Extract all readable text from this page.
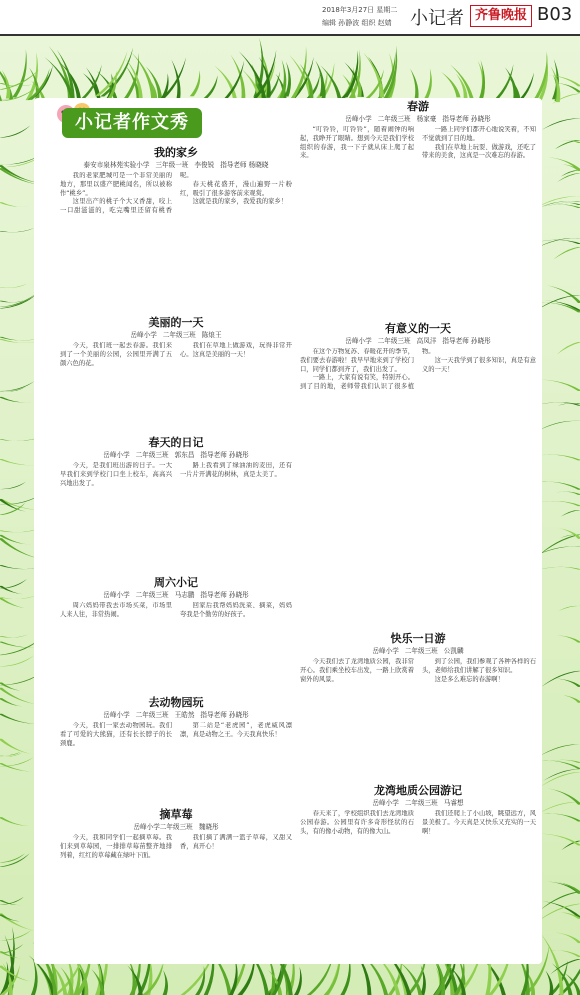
2018年3月27日 星期二
编辑 孙静波 组织 赵婧 小记者 齐鲁晚报 B03
小记者作文秀
我的家乡
泰安市泉林苑实验小学 三年级一班 李俊锐 指导老师 杨晓晓

我的老家肥城可是一个非常美丽的地方，那里以盛产肥桃闻名，所以被称作“桃乡”。

这里出产的桃子个大又香甜，咬上一口甜滋滋的，吃完嘴里还留有桃香呢。

春天桃花盛开，漫山遍野一片粉红，吸引了很多游客前来观赏。

这就是我的家乡，我爱我的家乡！

美丽的一天
岳峰小学 二年级三班 陈烺王

今天，我们班一起去春游。我们来到了一个美丽的公园，公园里开满了五颜六色的花。

我们在草地上做游戏，玩得非常开心。这真是美丽的一天！

春天的日记
岳峰小学 二年级三班 郭东昌 指导老师 孙晓彤

今天，是我们班出游的日子。一大早我们来到学校门口坐上校车，高高兴兴地出发了。

路上我看到了绿油油的麦田，还有一片片开满花的树林，真是太美了。

周六小记
岳峰小学 二年级三班 马志鹏 指导老师 孙晓彤

周六妈妈带我去市场买菜，市场里人来人往，非常热闹。

回家后我帮妈妈洗菜、摘菜，妈妈夸我是个勤劳的好孩子。

去动物园玩
岳峰小学 二年级三班 王皓然 指导老师 孙晓彤

今天，我们一家去动物园玩。我们看了可爱的大熊猫，还有长长脖子的长颈鹿。

第二站是“老虎园”，老虎威风凛凛，真是动物之王。今天我真快乐！

摘草莓
岳峰小学二年级三班 魏晓彤

今天，我和同学们一起摘草莓。我们来到草莓园，一排排草莓苗整齐地排列着，红红的草莓藏在绿叶下面。

我们摘了满满一篮子草莓，又甜又香，真开心！

春游
岳峰小学 二年级三班 杨家豪 指导老师 孙晓彤

“叮铃铃，叮铃铃”，随着闹钟的响起，我睁开了眼睛。想到今天是我们学校组织的春游，我一下子就从床上爬了起来。

一路上同学们都开心地说笑着，不知不觉就到了目的地。

我们在草地上玩耍、做游戏，还吃了带来的美食，这真是一次难忘的春游。

有意义的一天
岳峰小学 二年级三班 高凤洋 指导老师 孙晓彤

在这个万物复苏、春暖花开的季节，我们要去春游啦！我早早地来到了学校门口，同学们都到齐了，我们出发了。

一路上，大家有说有笑，特别开心。到了目的地，老师带我们认识了很多植物。

这一天我学到了很多知识，真是有意义的一天！

快乐一日游
岳峰小学 二年级三班 公凯麟

今天我们去了龙湾地质公园，我非常开心。我们乘坐校车出发，一路上欣赏着窗外的风景。

到了公园，我们参观了各种各样的石头，老师给我们讲解了很多知识。

这是多么难忘的春游啊！

龙湾地质公园游记
岳峰小学 二年级三班 马睿想

春天来了，学校组织我们去龙湾地质公园春游。公园里有许多奇形怪状的石头，有的像小动物，有的像大山。

我们还爬上了小山坡，眺望远方，风景美极了。今天真是又快乐又充实的一天啊！
